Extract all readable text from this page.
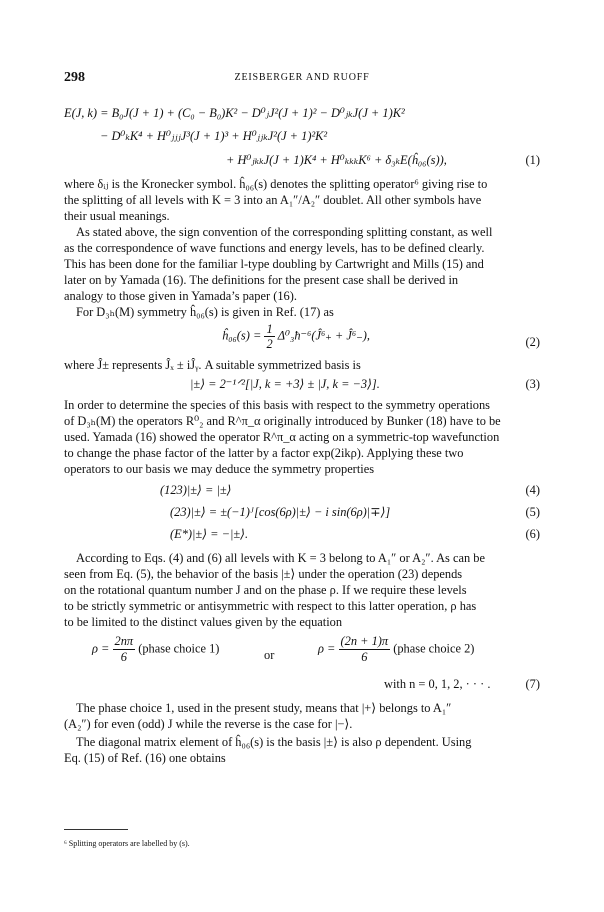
298	ZEISBERGER AND RUOFF
E(J, k) = B₀J(J + 1) + (C₀ − B₀)K² − D⁰ⱼJ²(J + 1)² − D⁰ⱼₖJ(J + 1)K²
− D⁰ₖK⁴ + H⁰ⱼⱼⱼJ³(J + 1)³ + H⁰ⱼⱼₖJ²(J + 1)²K²
+ H⁰ⱼₖₖJ(J + 1)K⁴ + H⁰ₖₖₖK⁶ + δ₃ₖE(ĥ₀₆(s)),	(1)
where δᵢⱼ is the Kronecker symbol. ĥ₀₆(s) denotes the splitting operator⁶ giving rise to
the splitting of all levels with K = 3 into an A₁″/A₂″ doublet. All other symbols have
their usual meanings.
As stated above, the sign convention of the corresponding splitting constant, as well
as the correspondence of wave functions and energy levels, has to be defined clearly.
This has been done for the familiar l-type doubling by Cartwright and Mills (15) and
later on by Yamada (16). The definitions for the present case shall be derived in
analogy to those given in Yamada’s paper (16).
For D₃ₕ(M) symmetry ĥ₀₆(s) is given in Ref. (17) as
ĥ₀₆(s) = $\frac{1}{2}$ Δ⁰₃ħ⁻⁶(Ĵ⁶₊ + Ĵ⁶₋),	(2)
where Ĵ± represents Ĵₓ ± iĴᵧ. A suitable symmetrized basis is
|±⟩ = 2⁻¹ᐟ²[|J, k = +3⟩ ± |J, k = −3⟩].	(3)
In order to determine the species of this basis with respect to the symmetry operations
of D₃ₕ(M) the operators R⁰₂ and R^π_α originally introduced by Bunker (18) have to be
used. Yamada (16) showed the operator R^π_α acting on a symmetric-top wavefunction
to change the phase factor of the latter by a factor exp(2ikρ). Applying these two
operators to our basis we may deduce the symmetry properties
(123)|±⟩ = |±⟩	(4)
(23)|±⟩ = ±(−1)ᴶ[cos(6ρ)|±⟩ − i sin(6ρ)|∓⟩]	(5)
(E*)|±⟩ = −|±⟩.	(6)
According to Eqs. (4) and (6) all levels with K = 3 belong to A₁″ or A₂″. As can be
seen from Eq. (5), the behavior of the basis |±⟩ under the operation (23) depends
on the rotational quantum number J and on the phase ρ. If we require these levels
to be strictly symmetric or antisymmetric with respect to this latter operation, ρ has
to be limited to the distinct values given by the equation
$\rho = \frac{2n\pi}{6}$ (phase choice 1)	or	$\rho = \frac{(2n + 1)\pi}{6}$ (phase choice 2)
with n = 0, 1, 2, · · · .	(7)
The phase choice 1, used in the present study, means that |+⟩ belongs to A₁″
(A₂″) for even (odd) J while the reverse is the case for |−⟩.
The diagonal matrix element of ĥ₀₆(s) is the basis |±⟩ is also ρ dependent. Using
Eq. (15) of Ref. (16) one obtains
⁶ Splitting operators are labelled by (s).
